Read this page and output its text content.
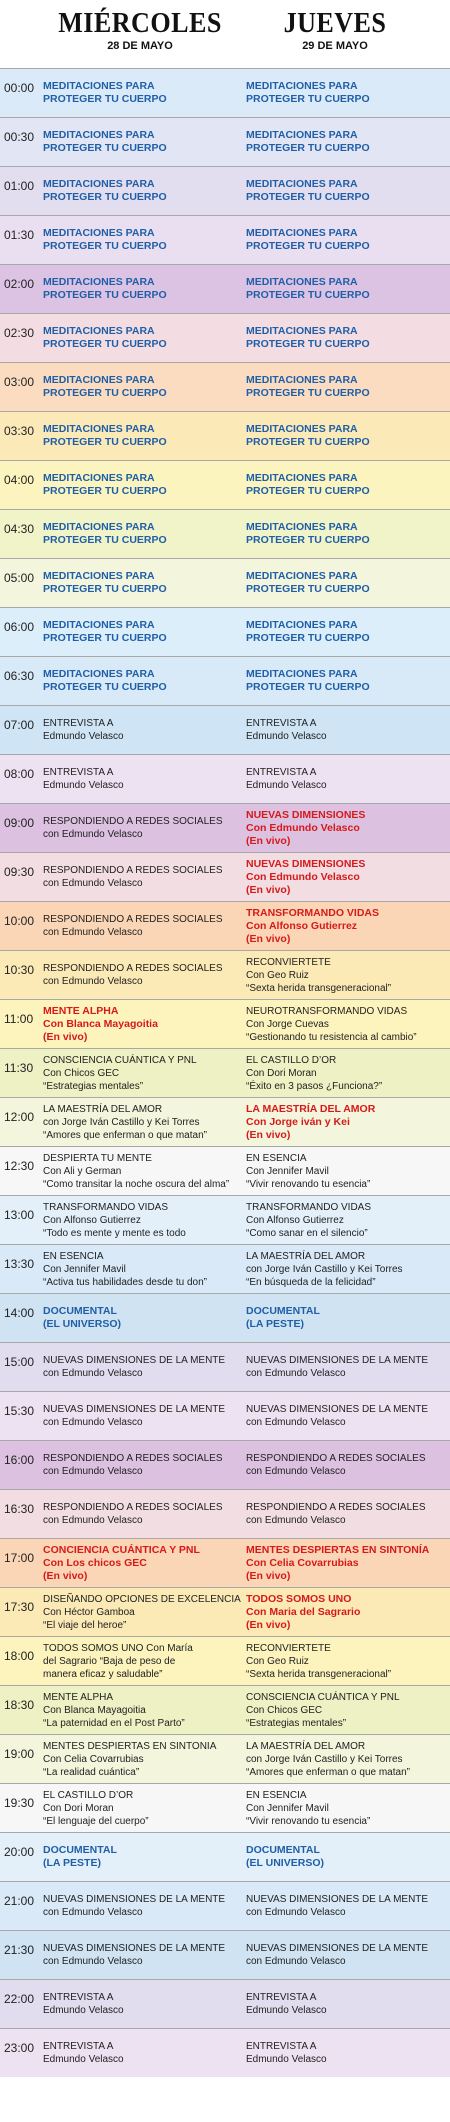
MIÉRCOLES
28 DE MAYO
JUEVES
29 DE MAYO
00:00 MEDITACIONES PARA
PROTEGER TU CUERPO
MEDITACIONES PARA
PROTEGER TU CUERPO
00:30 MEDITACIONES PARA
PROTEGER TU CUERPO
MEDITACIONES PARA
PROTEGER TU CUERPO
01:00 MEDITACIONES PARA
PROTEGER TU CUERPO
MEDITACIONES PARA
PROTEGER TU CUERPO
01:30 MEDITACIONES PARA
PROTEGER TU CUERPO
MEDITACIONES PARA
PROTEGER TU CUERPO
02:00 MEDITACIONES PARA
PROTEGER TU CUERPO
MEDITACIONES PARA
PROTEGER TU CUERPO
02:30 MEDITACIONES PARA
PROTEGER TU CUERPO
MEDITACIONES PARA
PROTEGER TU CUERPO
03:00 MEDITACIONES PARA
PROTEGER TU CUERPO
MEDITACIONES PARA
PROTEGER TU CUERPO
03:30 MEDITACIONES PARA
PROTEGER TU CUERPO
MEDITACIONES PARA
PROTEGER TU CUERPO
04:00 MEDITACIONES PARA
PROTEGER TU CUERPO
MEDITACIONES PARA
PROTEGER TU CUERPO
04:30 MEDITACIONES PARA
PROTEGER TU CUERPO
MEDITACIONES PARA
PROTEGER TU CUERPO
05:00 MEDITACIONES PARA
PROTEGER TU CUERPO
MEDITACIONES PARA
PROTEGER TU CUERPO
06:00 MEDITACIONES PARA
PROTEGER TU CUERPO
MEDITACIONES PARA
PROTEGER TU CUERPO
06:30 MEDITACIONES PARA
PROTEGER TU CUERPO
MEDITACIONES PARA
PROTEGER TU CUERPO
07:00 ENTREVISTA A
Edmundo Velasco
ENTREVISTA A
Edmundo Velasco
08:00 ENTREVISTA A
Edmundo Velasco
ENTREVISTA A
Edmundo Velasco
09:00 RESPONDIENDO A REDES SOCIALES
con Edmundo Velasco
NUEVAS DIMENSIONES
Con Edmundo Velasco
(En vivo)
09:30 RESPONDIENDO A REDES SOCIALES
con Edmundo Velasco
NUEVAS DIMENSIONES
Con Edmundo Velasco
(En vivo)
10:00 RESPONDIENDO A REDES SOCIALES
con Edmundo Velasco
TRANSFORMANDO VIDAS
Con Alfonso Gutierrez
(En vivo)
10:30 RESPONDIENDO A REDES SOCIALES
con Edmundo Velasco
RECONVIERTETE
Con Geo Ruiz
“Sexta herida transgeneracional”
11:00
MENTE ALPHA
Con Blanca Mayagoitia
(En vivo)
NEUROTRANSFORMANDO VIDAS
Con Jorge Cuevas
“Gestionando tu resistencia al cambio”
11:30
CONSCIENCIA CUÁNTICA Y PNL
Con Chicos GEC
“Estrategias mentales”
EL CASTILLO D’OR
Con Dori Moran
“Éxito en 3 pasos ¿Funciona?”
12:00
LA MAESTRÍA DEL AMOR
con Jorge Iván Castillo y Kei Torres
“Amores que enferman o que matan”
LA MAESTRÍA DEL AMOR
Con Jorge iván y Kei
(En vivo)
12:30
DESPIERTA TU MENTE
Con Ali y German
“Como transitar la noche oscura del alma”
EN ESENCIA
Con Jennifer Mavil
“Vivir renovando tu esencia”
13:00
TRANSFORMANDO VIDAS
Con Alfonso Gutierrez
“Todo es mente y mente es todo
TRANSFORMANDO VIDAS
Con Alfonso Gutierrez
“Como sanar en el silencio”
13:30
EN ESENCIA
Con Jennifer Mavil
“Activa tus habilidades desde tu don”
LA MAESTRÍA DEL AMOR
con Jorge Iván Castillo y Kei Torres
“En búsqueda de la felicidad”
14:00 DOCUMENTAL
(EL UNIVERSO)
DOCUMENTAL
(LA PESTE)
15:00 NUEVAS DIMENSIONES DE LA MENTE
con Edmundo Velasco
NUEVAS DIMENSIONES DE LA MENTE
con Edmundo Velasco
15:30 NUEVAS DIMENSIONES DE LA MENTE
con Edmundo Velasco
NUEVAS DIMENSIONES DE LA MENTE
con Edmundo Velasco
16:00 RESPONDIENDO A REDES SOCIALES
con Edmundo Velasco
RESPONDIENDO A REDES SOCIALES
con Edmundo Velasco
16:30 RESPONDIENDO A REDES SOCIALES
con Edmundo Velasco
RESPONDIENDO A REDES SOCIALES
con Edmundo Velasco
17:00
CONCIENCIA CUÁNTICA Y PNL
Con Los chicos GEC
(En vivo)
MENTES DESPIERTAS EN SINTONÍA
Con Celia Covarrubias
(En vivo)
17:30
DISEÑANDO OPCIONES DE EXCELENCIA
Con Héctor Gamboa
“El viaje del heroe”
TODOS SOMOS UNO
Con Maria del Sagrario
(En vivo)
18:00
TODOS SOMOS UNO Con María
del Sagrario “Baja de peso de
manera eficaz y saludable”
RECONVIERTETE
Con Geo Ruiz
“Sexta herida transgeneracional”
18:30
MENTE ALPHA
Con Blanca Mayagoitia
“La paternidad en el Post Parto”
CONSCIENCIA CUÁNTICA Y PNL
Con Chicos GEC
“Estrategias mentales”
19:00
MENTES DESPIERTAS EN SINTONIA
Con Celia Covarrubias
“La realidad cuántica”
LA MAESTRÍA DEL AMOR
con Jorge Iván Castillo y Kei Torres
“Amores que enferman o que matan”
19:30
EL CASTILLO D’OR
Con Dori Moran
“El lenguaje del cuerpo”
EN ESENCIA
Con Jennifer Mavil
“Vivir renovando tu esencia”
20:00 DOCUMENTAL
(LA PESTE)
DOCUMENTAL
(EL UNIVERSO)
21:00 NUEVAS DIMENSIONES DE LA MENTE
con Edmundo Velasco
NUEVAS DIMENSIONES DE LA MENTE
con Edmundo Velasco
21:30 NUEVAS DIMENSIONES DE LA MENTE
con Edmundo Velasco
NUEVAS DIMENSIONES DE LA MENTE
con Edmundo Velasco
22:00 ENTREVISTA A
Edmundo Velasco
ENTREVISTA A
Edmundo Velasco
23:00 ENTREVISTA A
Edmundo Velasco
ENTREVISTA A
Edmundo Velasco
